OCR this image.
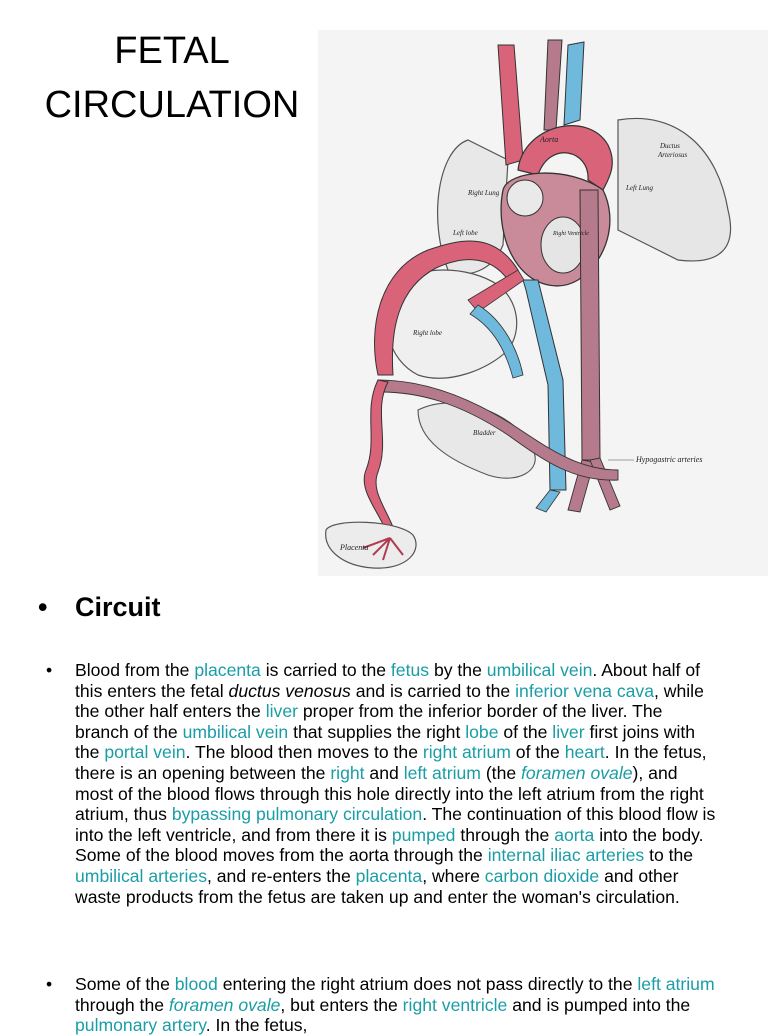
FETAL
CIRCULATION
Ductus
Arteriosus
Aorta
Left Lung
Right Lung
Right Ventricle
Left lobe
Right lobe
Bladder
Placenta
Hypogastric arteries
• Circuit
• Blood from the placenta is carried to the fetus by the umbilical vein. About half of this enters the fetal ductus venosus and is carried to the inferior vena cava, while the other half enters the liver proper from the inferior border of the liver. The branch of the umbilical vein that supplies the right lobe of the liver first joins with the portal vein. The blood then moves to the right atrium of the heart. In the fetus, there is an opening between the right and left atrium (the foramen ovale), and most of the blood flows through this hole directly into the left atrium from the right atrium, thus bypassing pulmonary circulation. The continuation of this blood flow is into the left ventricle, and from there it is pumped through the aorta into the body. Some of the blood moves from the aorta through the internal iliac arteries to the umbilical arteries, and re-enters the placenta, where carbon dioxide and other waste products from the fetus are taken up and enter the woman's circulation.
• Some of the blood entering the right atrium does not pass directly to the left atrium through the foramen ovale, but enters the right ventricle and is pumped into the pulmonary artery. In the fetus,
